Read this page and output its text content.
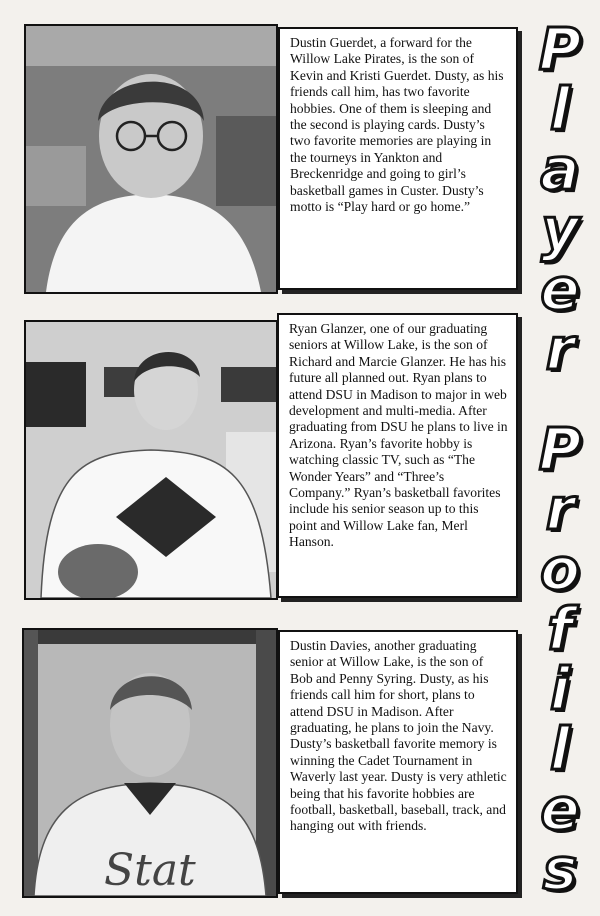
Dustin Guerdet, a forward for the Willow Lake Pirates, is the son of Kevin and Kristi Guerdet. Dusty, as his friends call him, has two favorite hobbies. One of them is sleeping and the second is playing cards. Dusty’s two favorite memories are playing in the tourneys in Yankton and Breckenridge and going to girl’s basketball games in Custer. Dusty’s motto is “Play hard or go home.”

Ryan Glanzer, one of our graduating seniors at Willow Lake, is the son of Richard and Marcie Glanzer. He has his future all planned out. Ryan plans to attend DSU in Madison to major in web development and multi-media. After graduating from DSU he plans to live in Arizona. Ryan’s favorite hobby is watching classic TV, such as “The Wonder Years” and “Three’s Company.” Ryan’s basketball favorites include his senior season up to this point and Willow Lake fan, Merl Hanson.

Stat

Dustin Davies, another graduating senior at Willow Lake, is the son of Bob and Penny Syring. Dusty, as his friends call him for short, plans to attend DSU in Madison. After graduating, he plans to join the Navy. Dusty’s basketball favorite memory is winning the Cadet Tournament in Waverly last year. Dusty is very athletic being that his favorite hobbies are football, basketball, baseball, track, and hanging out with friends.

P
l
a
y
e
r
P
r
o
f
i
l
e
s
